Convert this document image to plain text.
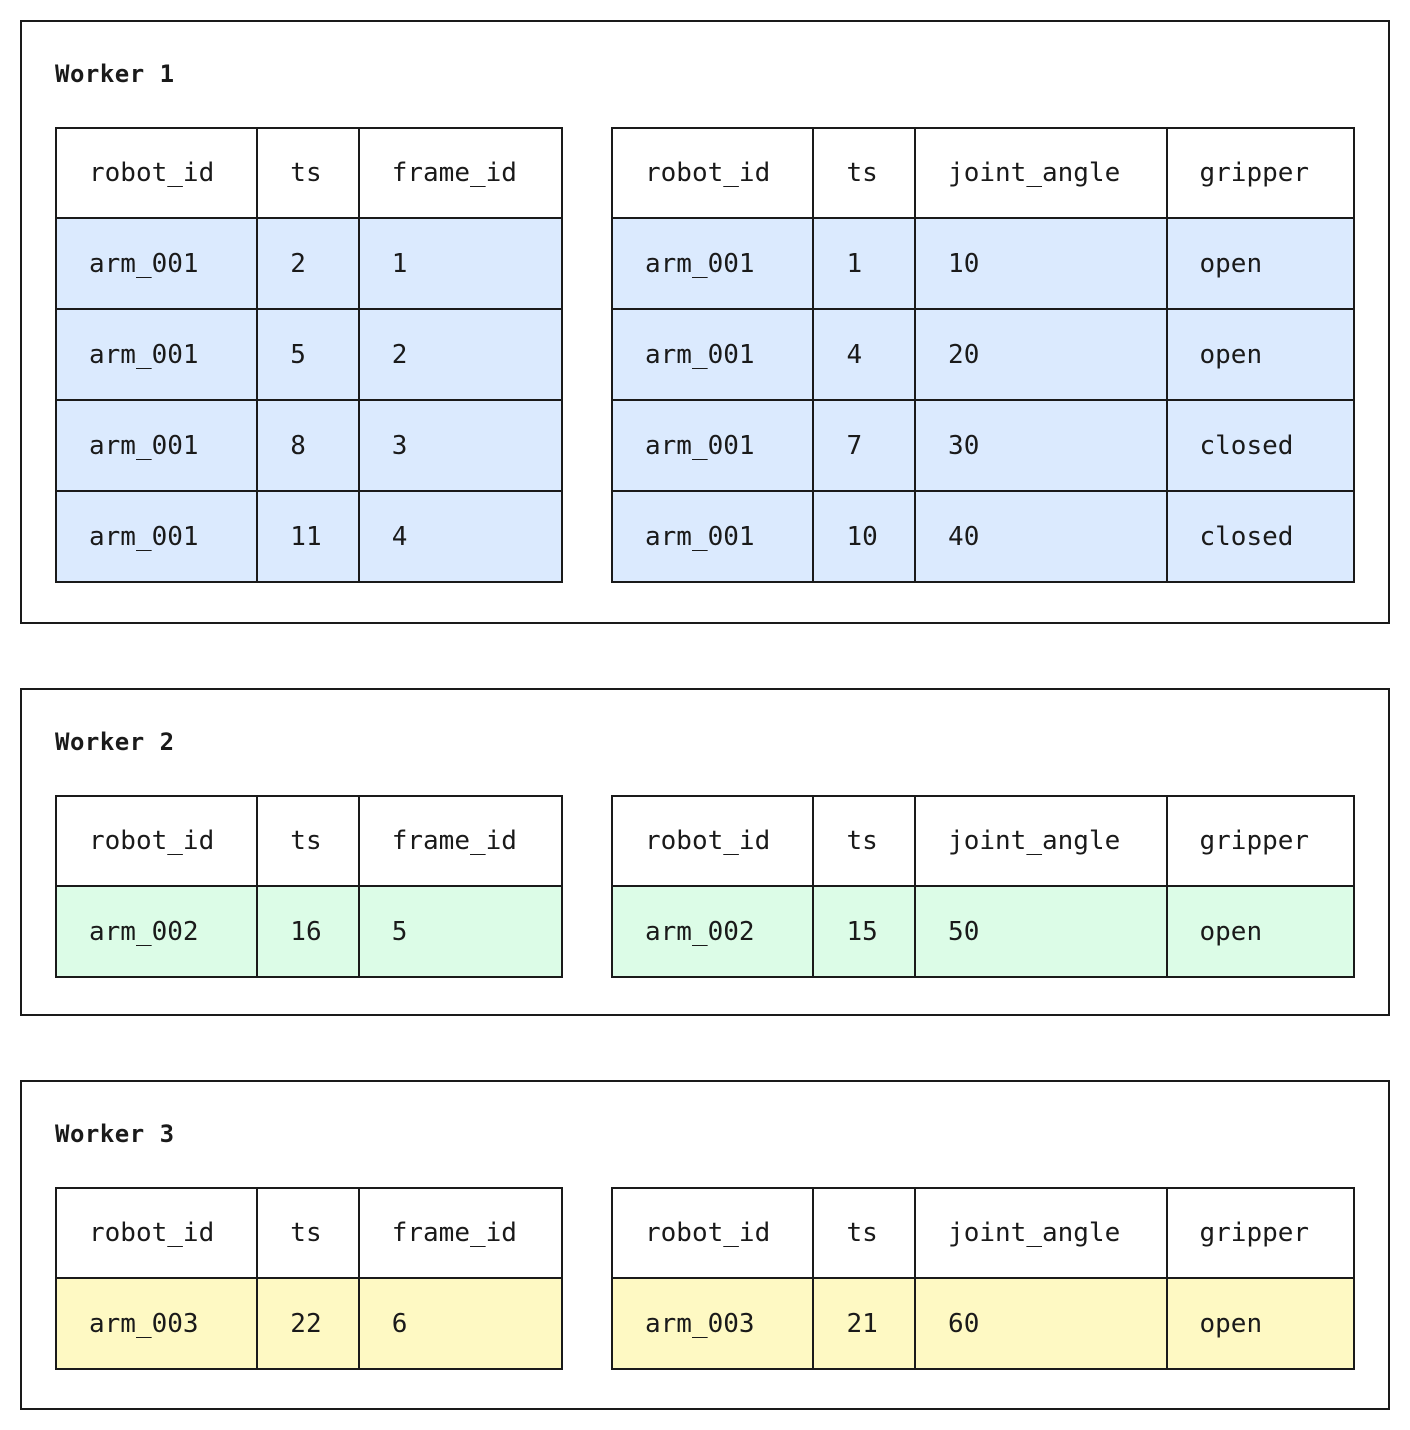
Worker 1
robot_id	ts	frame_id
arm_001	2	1
arm_001	5	2
arm_001	8	3
arm_001	11	4
robot_id	ts	joint_angle	gripper
arm_001	1	10	open
arm_001	4	20	open
arm_001	7	30	closed
arm_001	10	40	closed
Worker 2
robot_id	ts	frame_id
arm_002	16	5
robot_id	ts	joint_angle	gripper
arm_002	15	50	open
Worker 3
robot_id	ts	frame_id
arm_003	22	6
robot_id	ts	joint_angle	gripper
arm_003	21	60	open
